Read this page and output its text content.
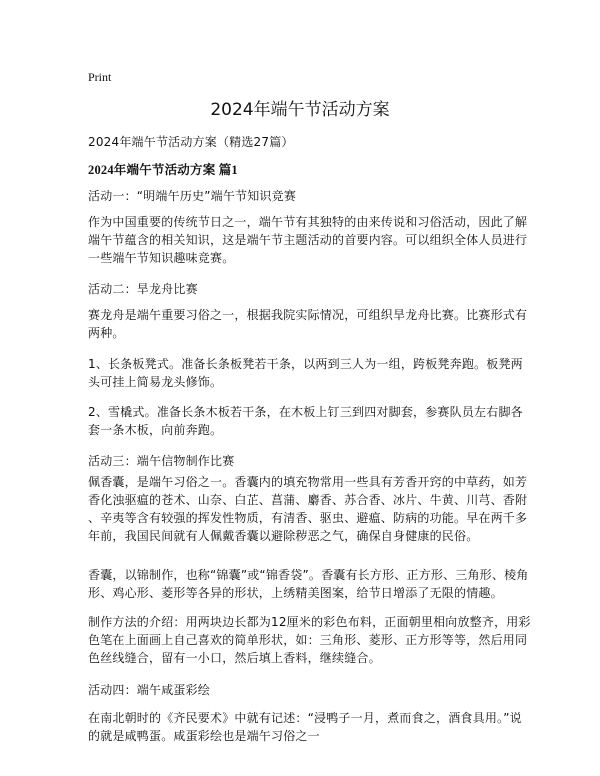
Print
2024年端午节活动方案
2024年端午节活动方案（精选27篇）
2024年端午节活动方案 篇1
活动一：“明端午历史”端午节知识竞赛
作为中国重要的传统节日之一，端午节有其独特的由来传说和习俗活动，因此了解
端午节蕴含的相关知识，这是端午节主题活动的首要内容。可以组织全体人员进行
一些端午节知识趣味竞赛。
活动二：旱龙舟比赛
赛龙舟是端午重要习俗之一，根据我院实际情况，可组织旱龙舟比赛。比赛形式有
两种。
1、长条板凳式。准备长条板凳若干条，以两到三人为一组，跨板凳奔跑。板凳两
头可挂上简易龙头修饰。
2、雪橇式。准备长条木板若干条，在木板上钉三到四对脚套，参赛队员左右脚各
套一条木板，向前奔跑。
活动三：端午信物制作比赛
佩香囊，是端午习俗之一。香囊内的填充物常用一些具有芳香开窍的中草药，如芳
香化浊驱瘟的苍术、山奈、白芷、菖蒲、麝香、苏合香、冰片、牛黄、川芎、香附
、辛夷等含有较强的挥发性物质，有清香、驱虫、避瘟、防病的功能。早在两千多
年前，我国民间就有人佩戴香囊以避除秽恶之气，确保自身健康的民俗。
香囊，以锦制作，也称“锦囊”或“锦香袋”。香囊有长方形、正方形、三角形、棱角
形、鸡心形、菱形等各异的形状，上绣精美图案，给节日增添了无限的情趣。
制作方法的介绍：用两块边长都为12厘米的彩色布料，正面朝里相向放整齐，用彩
色笔在上面画上自己喜欢的简单形状，如：三角形、菱形、正方形等等，然后用同
色丝线缝合，留有一小口，然后填上香料，继续缝合。
活动四：端午咸蛋彩绘
在南北朝时的《齐民要术》中就有记述：“浸鸭子一月，煮而食之，酒食具用。”说
的就是咸鸭蛋。咸蛋彩绘也是端午习俗之一
